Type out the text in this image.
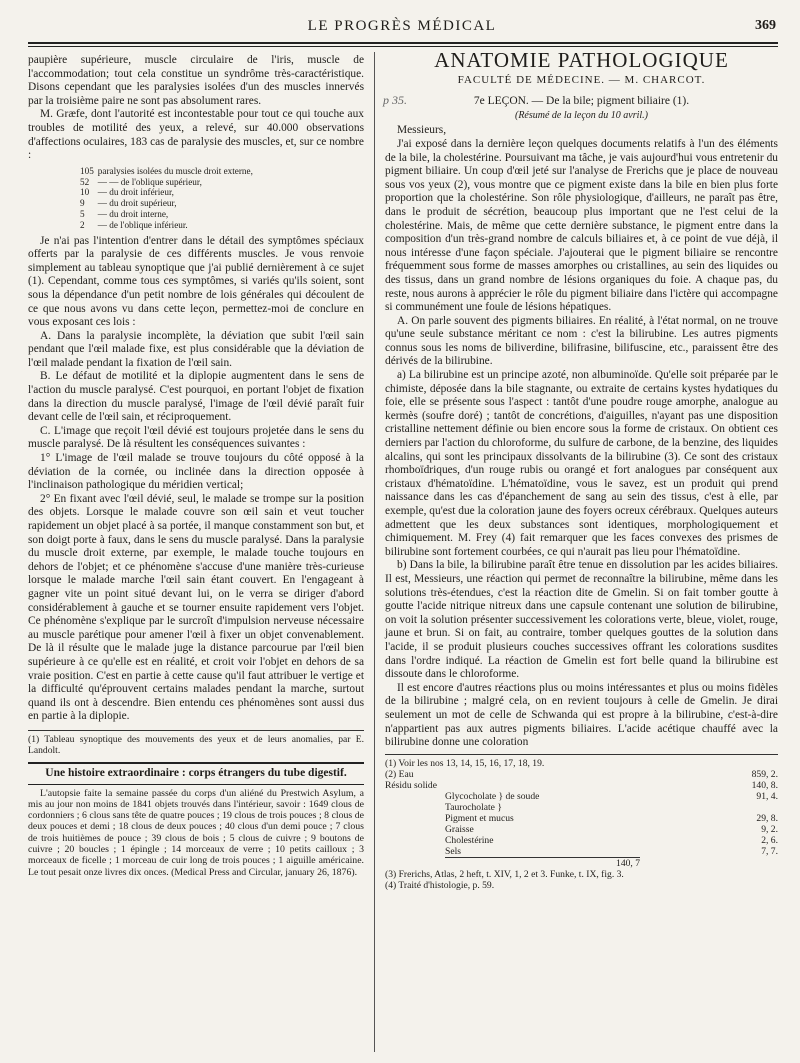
LE PROGRÈS MÉDICAL	369

paupière supérieure, muscle circulaire de l'iris, muscle de l'accommodation; tout cela constitue un syndrôme très-caractéristique. Disons cependant que les paralysies isolées d'un des muscles innervés par la troisième paire ne sont pas absolument rares.

M. Græfe, dont l'autorité est incontestable pour tout ce qui touche aux troubles de motilité des yeux, a relevé, sur 40.000 observations d'affections oculaires, 183 cas de paralysie des muscles, et, sur ce nombre :

105	paralysies isolées du muscle droit externe,
52	— — de l'oblique supérieur,
10	— du droit inférieur,
9	— du droit supérieur,
5	— du droit interne,
2	— de l'oblique inférieur.

Je n'ai pas l'intention d'entrer dans le détail des symptômes spéciaux offerts par la paralysie de ces différents muscles. Je vous renvoie simplement au tableau synoptique que j'ai publié dernièrement à ce sujet (1). Cependant, comme tous ces symptômes, si variés qu'ils soient, sont sous la dépendance d'un petit nombre de lois générales qui découlent de ce que nous avons vu dans cette leçon, permettez-moi de conclure en vous exposant ces lois :

A. Dans la paralysie incomplète, la déviation que subit l'œil sain pendant que l'œil malade fixe, est plus considérable que la déviation de l'œil malade pendant la fixation de l'œil sain.

B. Le défaut de motilité et la diplopie augmentent dans le sens de l'action du muscle paralysé. C'est pourquoi, en portant l'objet de fixation dans la direction du muscle paralysé, l'image de l'œil dévié paraît fuir devant celle de l'œil sain, et réciproquement.

C. L'image que reçoit l'œil dévié est toujours projetée dans le sens du muscle paralysé. De là résultent les conséquences suivantes :

1° L'image de l'œil malade se trouve toujours du côté opposé à la déviation de la cornée, ou inclinée dans la direction opposée à l'inclinaison pathologique du méridien vertical;

2° En fixant avec l'œil dévié, seul, le malade se trompe sur la position des objets. Lorsque le malade couvre son œil sain et veut toucher rapidement un objet placé à sa portée, il manque constamment son but, et son doigt porte à faux, dans le sens du muscle paralysé. Dans la paralysie du muscle droit externe, par exemple, le malade touche toujours en dehors de l'objet; et ce phénomène s'accuse d'une manière très-curieuse lorsque le malade marche l'œil sain étant couvert. En l'engageant à gagner vite un point situé devant lui, on le verra se diriger d'abord considérablement à gauche et se tourner ensuite rapidement vers l'objet. Ce phénomène s'explique par le surcroît d'impulsion nerveuse nécessaire au muscle parétique pour amener l'œil à fixer un objet convenablement. De là il résulte que le malade juge la distance parcourue par l'œil bien supérieure à ce qu'elle est en réalité, et croit voir l'objet en dehors de sa vraie position. C'est en partie à cette cause qu'il faut attribuer le vertige et la difficulté qu'éprouvent certains malades pendant la marche, surtout quand ils ont à descendre. Bien entendu ces phénomènes sont aussi dus en partie à la diplopie.

(1) Tableau synoptique des mouvements des yeux et de leurs anomalies, par E. Landolt.
Une histoire extraordinaire : corps étrangers du tube digestif.

L'autopsie faite la semaine passée du corps d'un aliéné du Prestwich Asylum, a mis au jour non moins de 1841 objets trouvés dans l'intérieur, savoir : 1649 clous de cordonniers ; 6 clous sans tête de quatre pouces ; 19 clous de trois pouces ; 8 clous de deux pouces et demi ; 18 clous de deux pouces ; 40 clous d'un demi pouce ; 7 clous de trois huitièmes de pouce ; 39 clous de bois ; 5 clous de cuivre ; 9 boutons de cuivre ; 20 boucles ; 1 épingle ; 14 morceaux de verre ; 10 petits cailloux ; 3 morceaux de ficelle ; 1 morceau de cuir long de trois pouces ; 1 aiguille américaine. Le tout pesait onze livres dix onces. (Medical Press and Circular, january 26, 1876).

p 35.
ANATOMIE PATHOLOGIQUE
FACULTÉ DE MÉDECINE. — M. CHARCOT.
7e LEÇON. — De la bile; pigment biliaire (1).
(Résumé de la leçon du 10 avril.)

Messieurs,

J'ai exposé dans la dernière leçon quelques documents relatifs à l'un des éléments de la bile, la cholestérine. Poursuivant ma tâche, je vais aujourd'hui vous entretenir du pigment biliaire. Un coup d'œil jeté sur l'analyse de Frerichs que je place de nouveau sous vos yeux (2), vous montre que ce pigment existe dans la bile en bien plus forte proportion que la cholestérine. Son rôle physiologique, d'ailleurs, ne paraît pas être, dans le produit de sécrétion, beaucoup plus important que ne l'est celui de la cholestérine. Mais, de même que cette dernière substance, le pigment entre dans la composition d'un très-grand nombre de calculs biliaires et, à ce point de vue déjà, il nous intéresse d'une façon spéciale. J'ajouterai que le pigment biliaire se rencontre fréquemment sous forme de masses amorphes ou cristallines, au sein des liquides ou des tissus, dans un grand nombre de lésions organiques du foie. A chaque pas, du reste, nous aurons à apprécier le rôle du pigment biliaire dans l'ictère qui accompagne si communément une foule de lésions hépatiques.

A. On parle souvent des pigments biliaires. En réalité, à l'état normal, on ne trouve qu'une seule substance méritant ce nom : c'est la bilirubine. Les autres pigments connus sous les noms de biliverdine, bilifrasine, bilifuscine, etc., paraissent être des dérivés de la bilirubine.

a) La bilirubine est un principe azoté, non albuminoïde. Qu'elle soit préparée par le chimiste, déposée dans la bile stagnante, ou extraite de certains kystes hydatiques du foie, elle se présente sous l'aspect : tantôt d'une poudre rouge amorphe, analogue au kermès (soufre doré) ; tantôt de concrétions, d'aiguilles, n'ayant pas une disposition cristalline nettement définie ou bien encore sous la forme de cristaux. On obtient ces derniers par l'action du chloroforme, du sulfure de carbone, de la benzine, des liquides alcalins, qui sont les principaux dissolvants de la bilirubine (3). Ce sont des cristaux rhomboïdriques, d'un rouge rubis ou orangé et fort analogues par conséquent aux cristaux d'hématoïdine. L'hématoïdine, vous le savez, est un produit qui prend naissance dans les cas d'épanchement de sang au sein des tissus, c'est à elle, par exemple, qu'est due la coloration jaune des foyers ocreux cérébraux. Quelques auteurs admettent que les deux substances sont identiques, morphologiquement et chimiquement. M. Frey (4) fait remarquer que les faces convexes des prismes de bilirubine sont fortement courbées, ce qui n'aurait pas lieu pour l'hématoïdine.

b) Dans la bile, la bilirubine paraît être tenue en dissolution par les acides biliaires. Il est, Messieurs, une réaction qui permet de reconnaître la bilirubine, même dans les solutions très-étendues, c'est la réaction dite de Gmelin. Si on fait tomber goutte à goutte l'acide nitrique nitreux dans une capsule contenant une solution de bilirubine, on voit la solution présenter successivement les colorations verte, bleue, violet, rouge, jaune et brun. Si on fait, au contraire, tomber quelques gouttes de la solution dans l'acide, il se produit plusieurs couches successives offrant les colorations susdites dans l'ordre indiqué. La réaction de Gmelin est fort belle quand la bilirubine est dissoute dans le chloroforme.

Il est encore d'autres réactions plus ou moins intéressantes et plus ou moins fidèles de la bilirubine ; malgré cela, on en revient toujours à celle de Gmelin. Je dirai seulement un mot de celle de Schwanda qui est propre à la bilirubine, c'est-à-dire n'appartient pas aux autres pigments biliaires. L'acide acétique chauffé avec la bilirubine donne une coloration

(1) Voir les nos 13, 14, 15, 16, 17, 18, 19.
(2) Eau	859, 2.
Résidu solide	140, 8.
Glycocholate } de soude	91, 4.
Taurocholate }
Pigment et mucus	29, 8.
Graisse	9, 2.
Cholestérine	2, 6.
Sels	7, 7.
140, 7
(3) Frerichs, Atlas, 2 heft, t. XIV, 1, 2 et 3. Funke, t. IX, fig. 3.
(4) Traité d'histologie, p. 59.
